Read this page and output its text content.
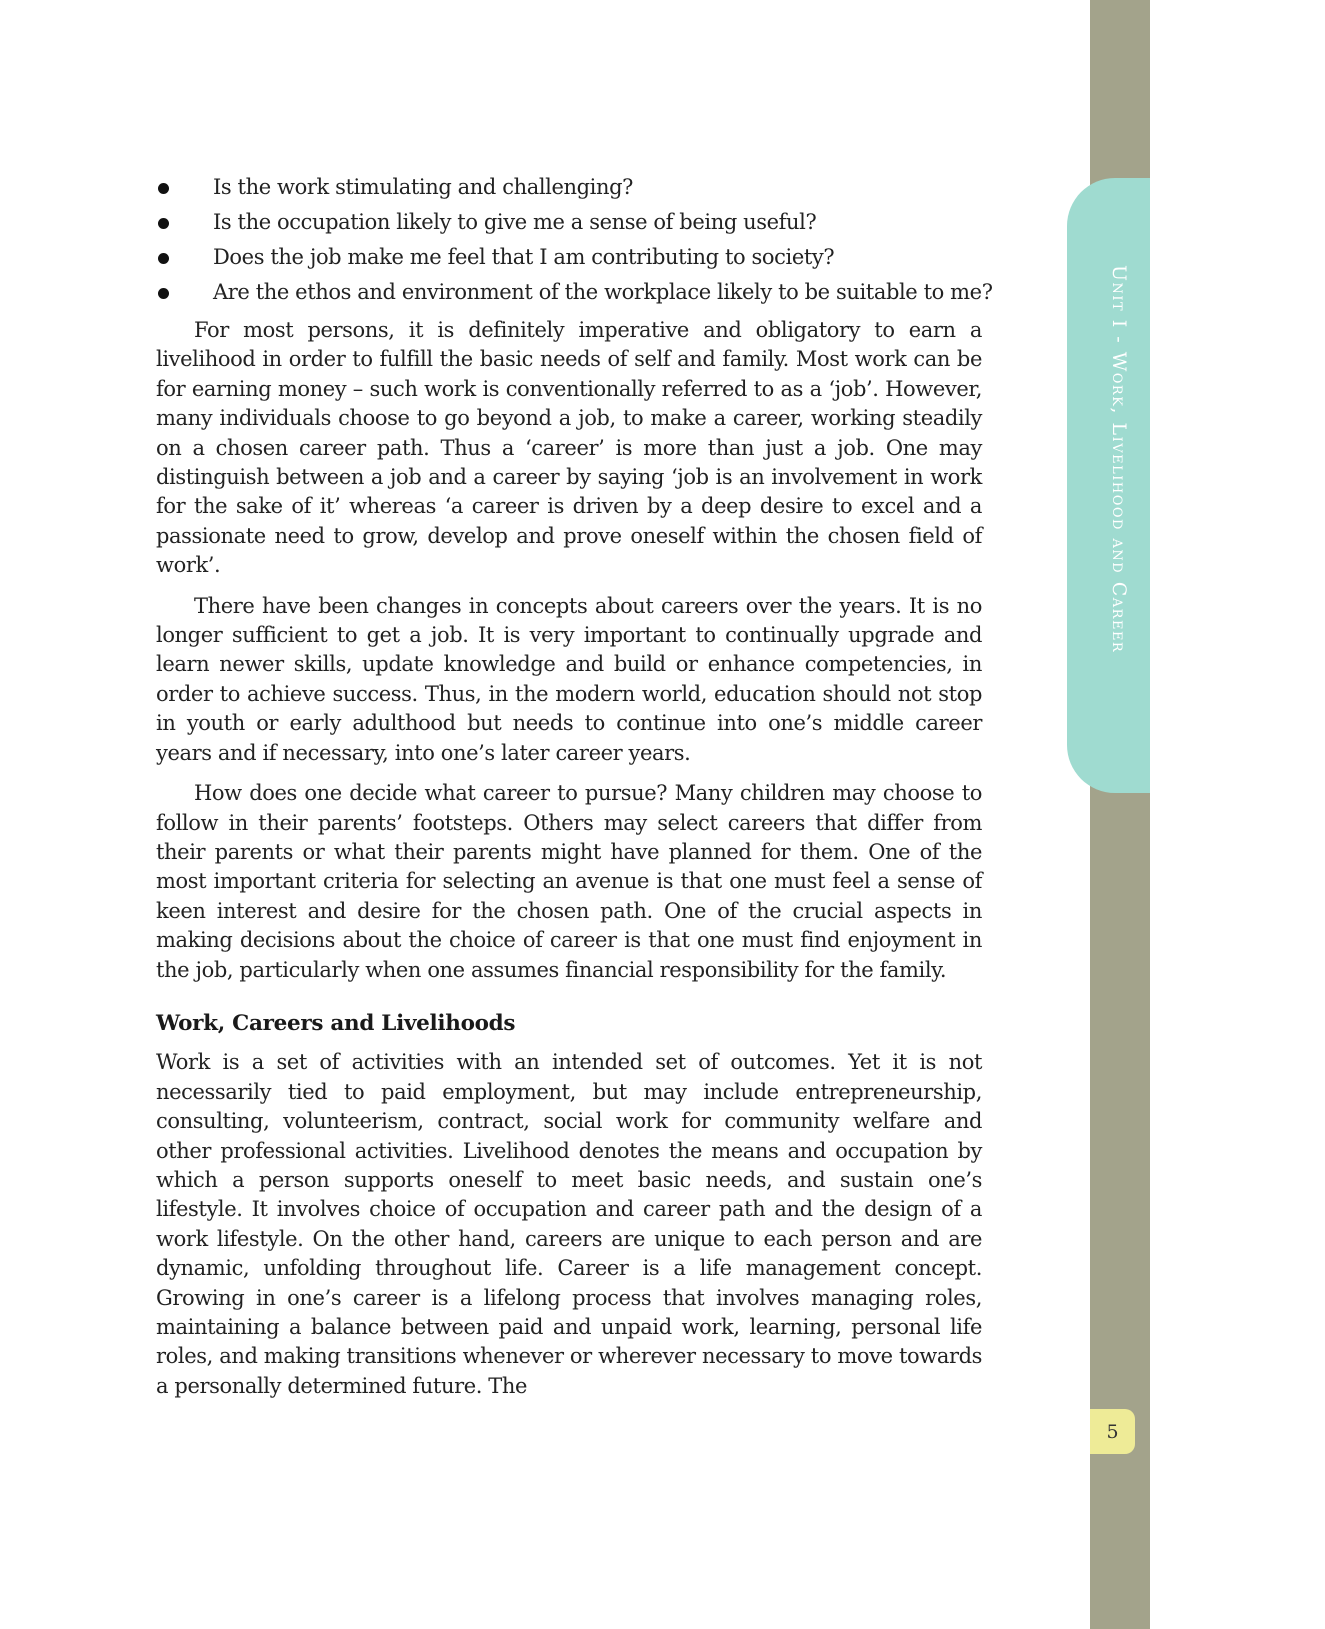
Unit I - Work, Livelihood and Career
5
Is the work stimulating and challenging?
Is the occupation likely to give me a sense of being useful?
Does the job make me feel that I am contributing to society?
Are the ethos and environment of the workplace likely to be suitable to me?

For most persons, it is definitely imperative and obligatory to earn a livelihood in order to fulfill the basic needs of self and family. Most work can be for earning money – such work is conventionally referred to as a ‘job’. However, many individuals choose to go beyond a job, to make a career, working steadily on a chosen career path. Thus a ‘career’ is more than just a job. One may distinguish between a job and a career by saying ‘job is an involvement in work for the sake of it’ whereas ‘a career is driven by a deep desire to excel and a passionate need to grow, develop and prove oneself within the chosen field of work’.

There have been changes in concepts about careers over the years. It is no longer sufficient to get a job. It is very important to continually upgrade and learn newer skills, update knowledge and build or enhance competencies, in order to achieve success. Thus, in the modern world, education should not stop in youth or early adulthood but needs to continue into one’s middle career years and if necessary, into one’s later career years.

How does one decide what career to pursue? Many children may choose to follow in their parents’ footsteps. Others may select careers that differ from their parents or what their parents might have planned for them. One of the most important criteria for selecting an avenue is that one must feel a sense of keen interest and desire for the chosen path. One of the crucial aspects in making decisions about the choice of career is that one must find enjoyment in the job, particularly when one assumes financial responsibility for the family.

Work, Careers and Livelihoods

Work is a set of activities with an intended set of outcomes. Yet it is not necessarily tied to paid employment, but may include entrepreneurship, consulting, volunteerism, contract, social work for community welfare and other professional activities. Livelihood denotes the means and occupation by which a person supports oneself to meet basic needs, and sustain one’s lifestyle. It involves choice of occupation and career path and the design of a work lifestyle. On the other hand, careers are unique to each person and are dynamic, unfolding throughout life. Career is a life management concept. Growing in one’s career is a lifelong process that involves managing roles, maintaining a balance between paid and unpaid work, learning, personal life roles, and making transitions whenever or wherever necessary to move towards a personally determined future. The
